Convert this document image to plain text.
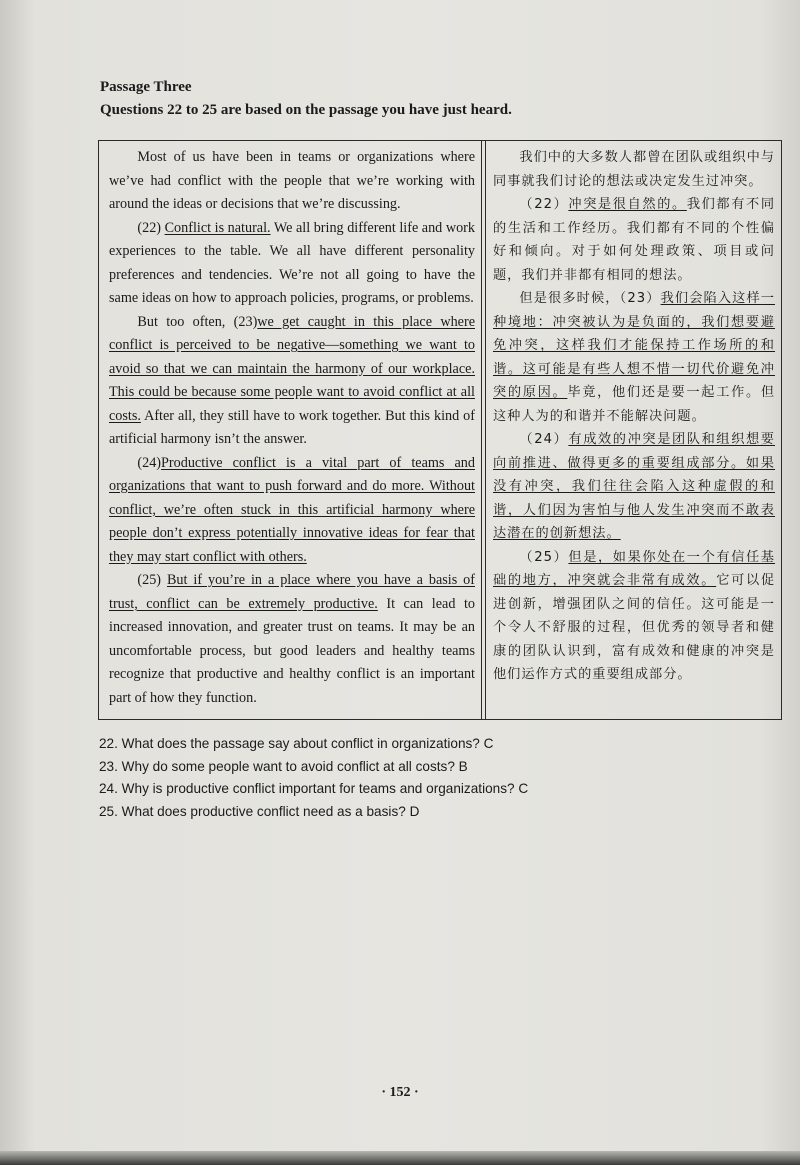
Passage Three
Questions 22 to 25 are based on the passage you have just heard.

Most of us have been in teams or organizations where we’ve had conflict with the people that we’re working with around the ideas or decisions that we’re discussing.

(22) Conflict is natural. We all bring different life and work experiences to the table. We all have different personality preferences and tendencies. We’re not all going to have the same ideas on how to approach policies, programs, or problems.

But too often, (23)we get caught in this place where conflict is perceived to be negative—something we want to avoid so that we can maintain the harmony of our workplace. This could be because some people want to avoid conflict at all costs. After all, they still have to work together. But this kind of artificial harmony isn’t the answer.

(24)Productive conflict is a vital part of teams and organizations that want to push forward and do more. Without conflict, we’re often stuck in this artificial harmony where people don’t express potentially innovative ideas for fear that they may start conflict with others.

(25) But if you’re in a place where you have a basis of trust, conflict can be extremely productive. It can lead to increased innovation, and greater trust on teams. It may be an uncomfortable process, but good leaders and healthy teams recognize that productive and healthy conflict is an important part of how they function.

我们中的大多数人都曾在团队或组织中与同事就我们讨论的想法或决定发生过冲突。

（22）冲突是很自然的。我们都有不同的生活和工作经历。我们都有不同的个性偏好和倾向。对于如何处理政策、项目或问题，我们并非都有相同的想法。

但是很多时候，（23）我们会陷入这样一种境地：冲突被认为是负面的，我们想要避免冲突，这样我们才能保持工作场所的和谐。这可能是有些人想不惜一切代价避免冲突的原因。毕竟，他们还是要一起工作。但这种人为的和谐并不能解决问题。

（24）有成效的冲突是团队和组织想要向前推进、做得更多的重要组成部分。如果没有冲突，我们往往会陷入这种虚假的和谐，人们因为害怕与他人发生冲突而不敢表达潜在的创新想法。

（25）但是，如果你处在一个有信任基础的地方，冲突就会非常有成效。它可以促进创新，增强团队之间的信任。这可能是一个令人不舒服的过程，但优秀的领导者和健康的团队认识到，富有成效和健康的冲突是他们运作方式的重要组成部分。

22. What does the passage say about conflict in organizations? C
23. Why do some people want to avoid conflict at all costs? B
24. Why is productive conflict important for teams and organizations? C
25. What does productive conflict need as a basis? D
· 152 ·
